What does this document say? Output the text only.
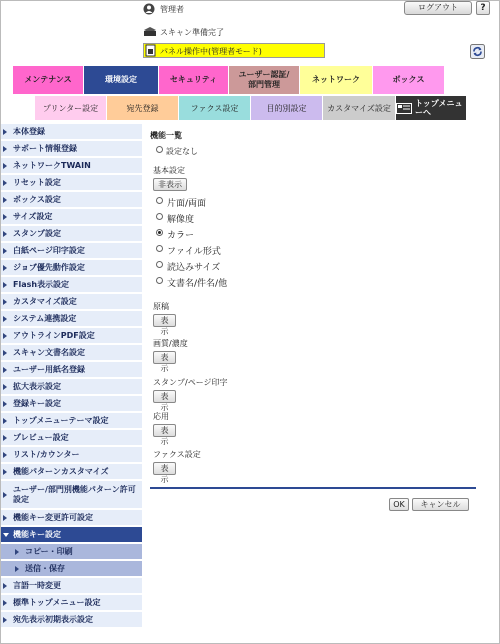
管理者	ログアウト	?
スキャン準備完了
パネル操作中(管理者モード)
メンテナンス	環境設定	セキュリティ
ユーザー認証/部門管理
ネットワーク	ボックス
プリンター設定	宛先登録	ファクス設定	目的別設定	カスタマイズ設定	トップメニューへ
本体登録
サポート情報登録
ネットワークTWAIN
リセット設定
ボックス設定
サイズ設定
スタンプ設定
白紙ページ印字設定
ジョブ優先動作設定
Flash表示設定
カスタマイズ設定
システム連携設定
アウトラインPDF設定
スキャン文書名設定
ユーザー用紙名登録
拡大表示設定
登録キー設定
トップメニューテーマ設定
プレビュー設定
リスト/カウンター
機能パターンカスタマイズ
ユーザー/部門別機能パターン許可設定
機能キー変更許可設定
機能キー設定
コピー・印刷
送信・保存
言語一時変更
標準トップメニュー設定
宛先表示初期表示設定
機能一覧
設定なし
基本設定
非表示
片面/両面
解像度
カラー
ファイル形式
読込みサイズ
文書名/件名/他
原稿
表示
画質/濃度
表示
スタンプ/ページ印字
表示
応用
表示
ファクス設定
表示
OK	キャンセル
